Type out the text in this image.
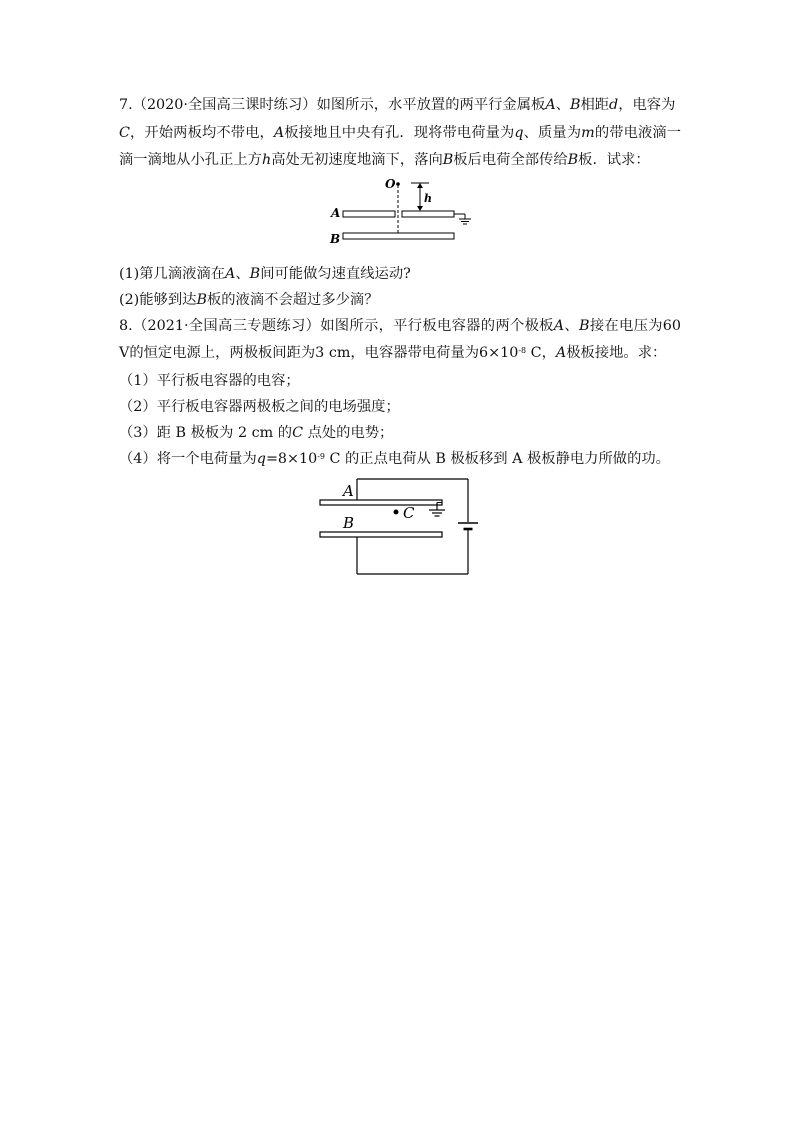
7.（2020·全国高三课时练习）如图所示，水平放置的两平行金属板A、B相距d，电容为
C，开始两板均不带电，A板接地且中央有孔．现将带电荷量为q、质量为m的带电液滴一滴一滴地从小孔正上方h高处无初速度地滴下，落向B板后电荷全部传给B板．试求：

O
h
A
B

(1)第几滴液滴在A、B间可能做匀速直线运动?

(2)能够到达B板的液滴不会超过多少滴？

8.（2021·全国高三专题练习）如图所示，平行板电容器的两个极板A、B接在电压为60 V的恒定电源上，两极板间距为3 cm，电容器带电荷量为$6\times 10^{-8}$ C，A极板接地。求：

（1）平行板电容器的电容；

（2）平行板电容器两极板之间的电场强度；

（3）距 B 极板为 2 cm 的C 点处的电势；

（4）将一个电荷量为$q=8\times 10^{-9}$ C 的正点电荷从 B 极板移到 A 极板静电力所做的功。

A
C
B
